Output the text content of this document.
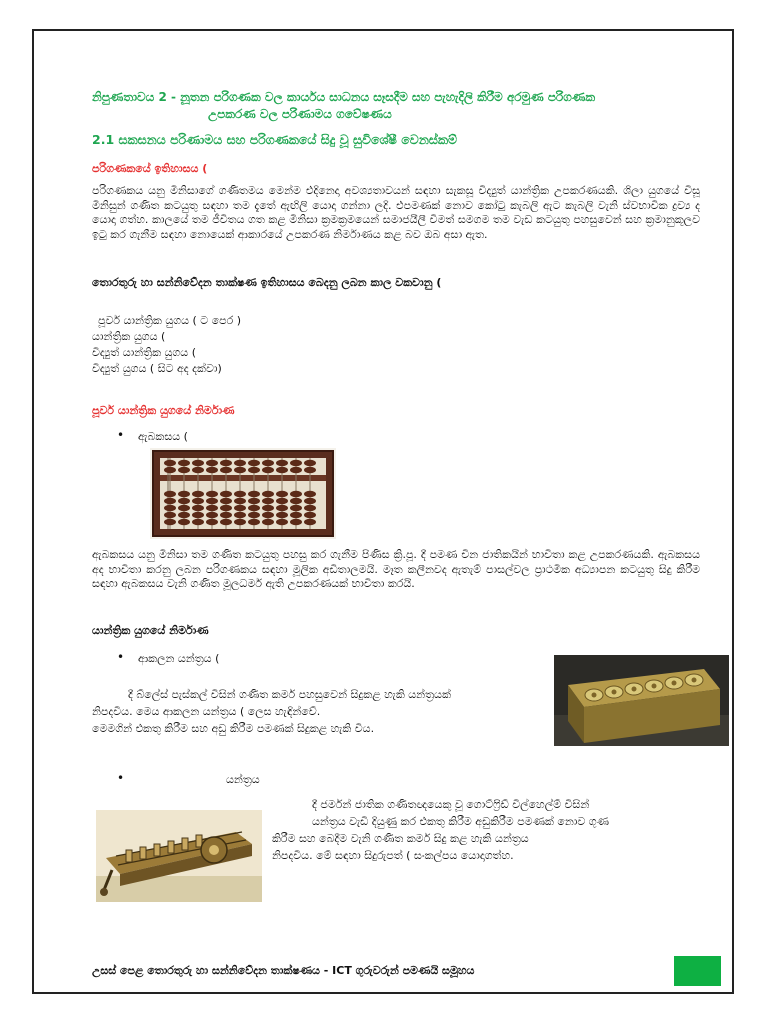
නිපුණතාවය 2 - නූතන පරිගණක වල කාර්යය සාධනය සෑසදීම සහ පැහැදිලි කිරීම අරමුණ පරිගණක

උපකරණ වල පරිණාමය ගවේෂණය

2.1 සකසනය පරිණාමය සහ පරිගණකයේ සිදු වූ සුවිශේෂී වෙනස්කම්

පරිගණකයේ ඉතිහාසය (

පරිගණකය යනු මිනිසාගේ ගණිතමය මෙන්ම එදිනෙදා අවශ්‍යතාවයන් සඳහා සැකසූ විද්‍යුත් යාන්ත්‍රික උපකරණයකි. ශිලා යුගයේ විසූ මිනිසුන් ගණිත කටයුතු සඳහා තම දැතේ ඇඟිලි යොදා ගන්නා ලදි. එපමණක් නොව කෝටු කැබලි ඇට කැබලි වැනි ස්වභාවික ද්‍රව්‍ය ද යොදා ගත්හ. කාලයේ තම ජීවිතය ගත කළ මිනිසා ක්‍රමක්‍රමයෙන් සමාජයීලී වීමත් සමගම තම වැඩ කටයුතු පහසුවෙන් සහ ක්‍රමානුකූලව ඉටු කර ගැනීම සඳහා නොයෙක් ආකාරයේ උපකරණ නිර්මාණය කළ බව ඔබ අසා ඇත.

තොරතුරු හා සන්නිවේදන තාක්ෂණ ඉතිහාසය බෙදනු ලබන කාල වකවානු (

පූර්ව යාන්ත්‍රික යුගය ( ට පෙර )

යාන්ත්‍රික යුගය (

විද්‍යුත් යාන්ත්‍රික යුගය (

විද්‍යුත් යුගය ( සිට අද දක්වා)

පූර්ව යාන්ත්‍රික යුගයේ නිර්මාණ

• ඇබකසය (

ඇබකසය යනු මිනිසා තම ගණිත කටයුතු පහසු කර ගැනීම පිණිස ක්‍රි.පූ. දී පමණ චීන ජාතිකයින් භාවිතා කළ උපකරණයකි. ඇබකසය අද භාවිතා කරනු ලබන පරිගණකය සඳහා මූලික අඩිතාලමයි. මෑත කලීනවද ඇතැම් පාසල්වල ප්‍රාථමික අධ්‍යාපන කටයුතු සිදු කිරීම සඳහා ඇබකසය වැනි ගණිත මූලධර්ම ඇති උපකරණයක් භාවිතා කරයි.

යාන්ත්‍රික යුගයේ නිර්මාණ

• ආකලන යන්ත්‍රය (

දී බ්ලේස් පැස්කල් විසින් ගණිත කර්ම පහසුවෙන් සිදුකළ හැකි යන්ත්‍රයක්

නිපදවීය. මෙය ආකලන යන්ත්‍රය ( ලෙස හැඳින්වේ.

මෙමගින් එකතු කිරීම සහ අඩු කිරීම පමණක් සිදුකළ හැකි විය.

•	යන්ත්‍රය

දී ජර්මන් ජාතික ගණිතඥයෙකු වූ ගොට්ෆ්‍රිඩ් විල්හෙල්ම් විසින්

යන්ත්‍රය වැඩි දියුණු කර එකතු කිරීම අඩුකිරීම පමණක් නොව ගුණ

කිරීම සහ බෙදීම වැනි ගණිත කර්ම සිදු කළ හැකි යන්ත්‍රය

නිපදවීය. මේ සඳහා සිදුරුපත් ( සංකල්පය යොදාගත්හ.

උසස් පෙළ තොරතුරු හා සන්නිවේදන තාක්ෂණය - ICT ගුරුවරුන් පමණයි සමූහය
